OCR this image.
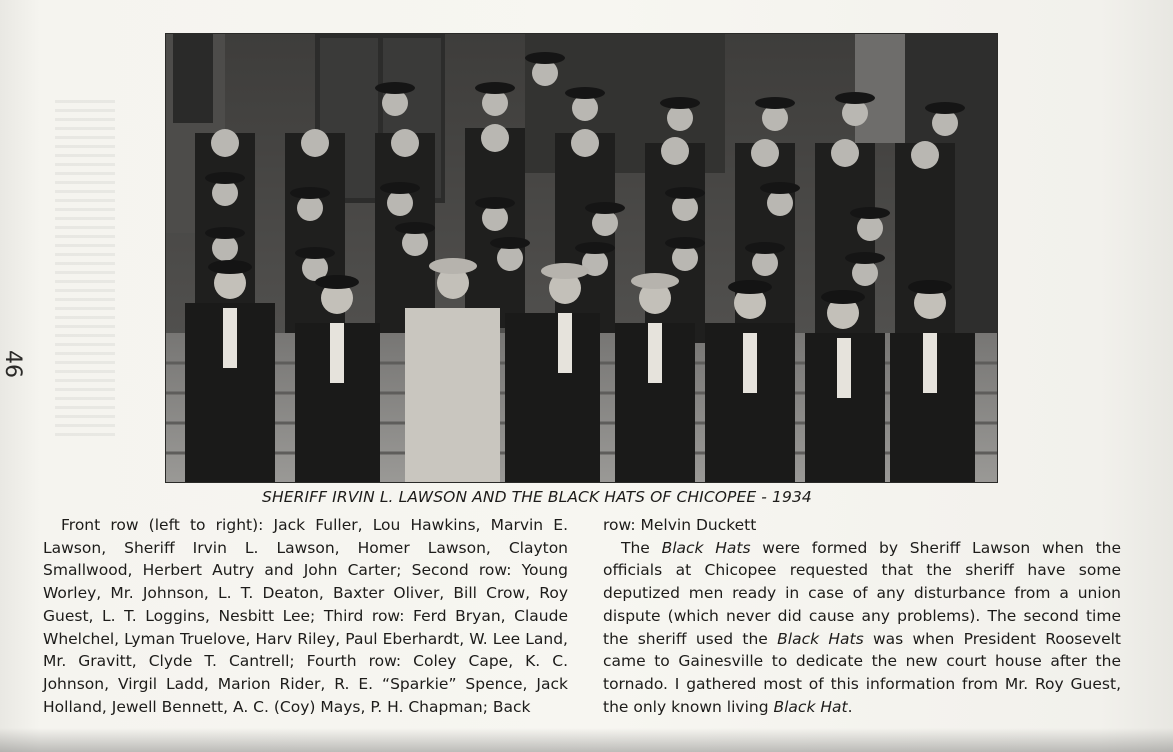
46
SHERIFF IRVIN L. LAWSON AND THE BLACK HATS OF CHICOPEE - 1934

Front row (left to right): Jack Fuller, Lou Hawkins, Marvin E. Lawson, Sheriff Irvin L. Lawson, Homer Lawson, Clayton Smallwood, Herbert Autry and John Carter; Second row: Young Worley, Mr. Johnson, L. T. Deaton, Baxter Oliver, Bill Crow, Roy Guest, L. T. Loggins, Nesbitt Lee; Third row: Ferd Bryan, Claude Whelchel, Lyman Truelove, Harv Riley, Paul Eberhardt, W. Lee Land, Mr. Gravitt, Clyde T. Cantrell; Fourth row: Coley Cape, K. C. Johnson, Virgil Ladd, Marion Rider, R. E. “Sparkie” Spence, Jack Holland, Jewell Bennett, A. C. (Coy) Mays, P. H. Chapman; Back

row: Melvin Duckett

The Black Hats were formed by Sheriff Lawson when the officials at Chicopee requested that the sheriff have some deputized men ready in case of any disturbance from a union dispute (which never did cause any problems). The second time the sheriff used the Black Hats was when President Roosevelt came to Gainesville to dedicate the new court house after the tornado. I gathered most of this information from Mr. Roy Guest, the only known living Black Hat.
